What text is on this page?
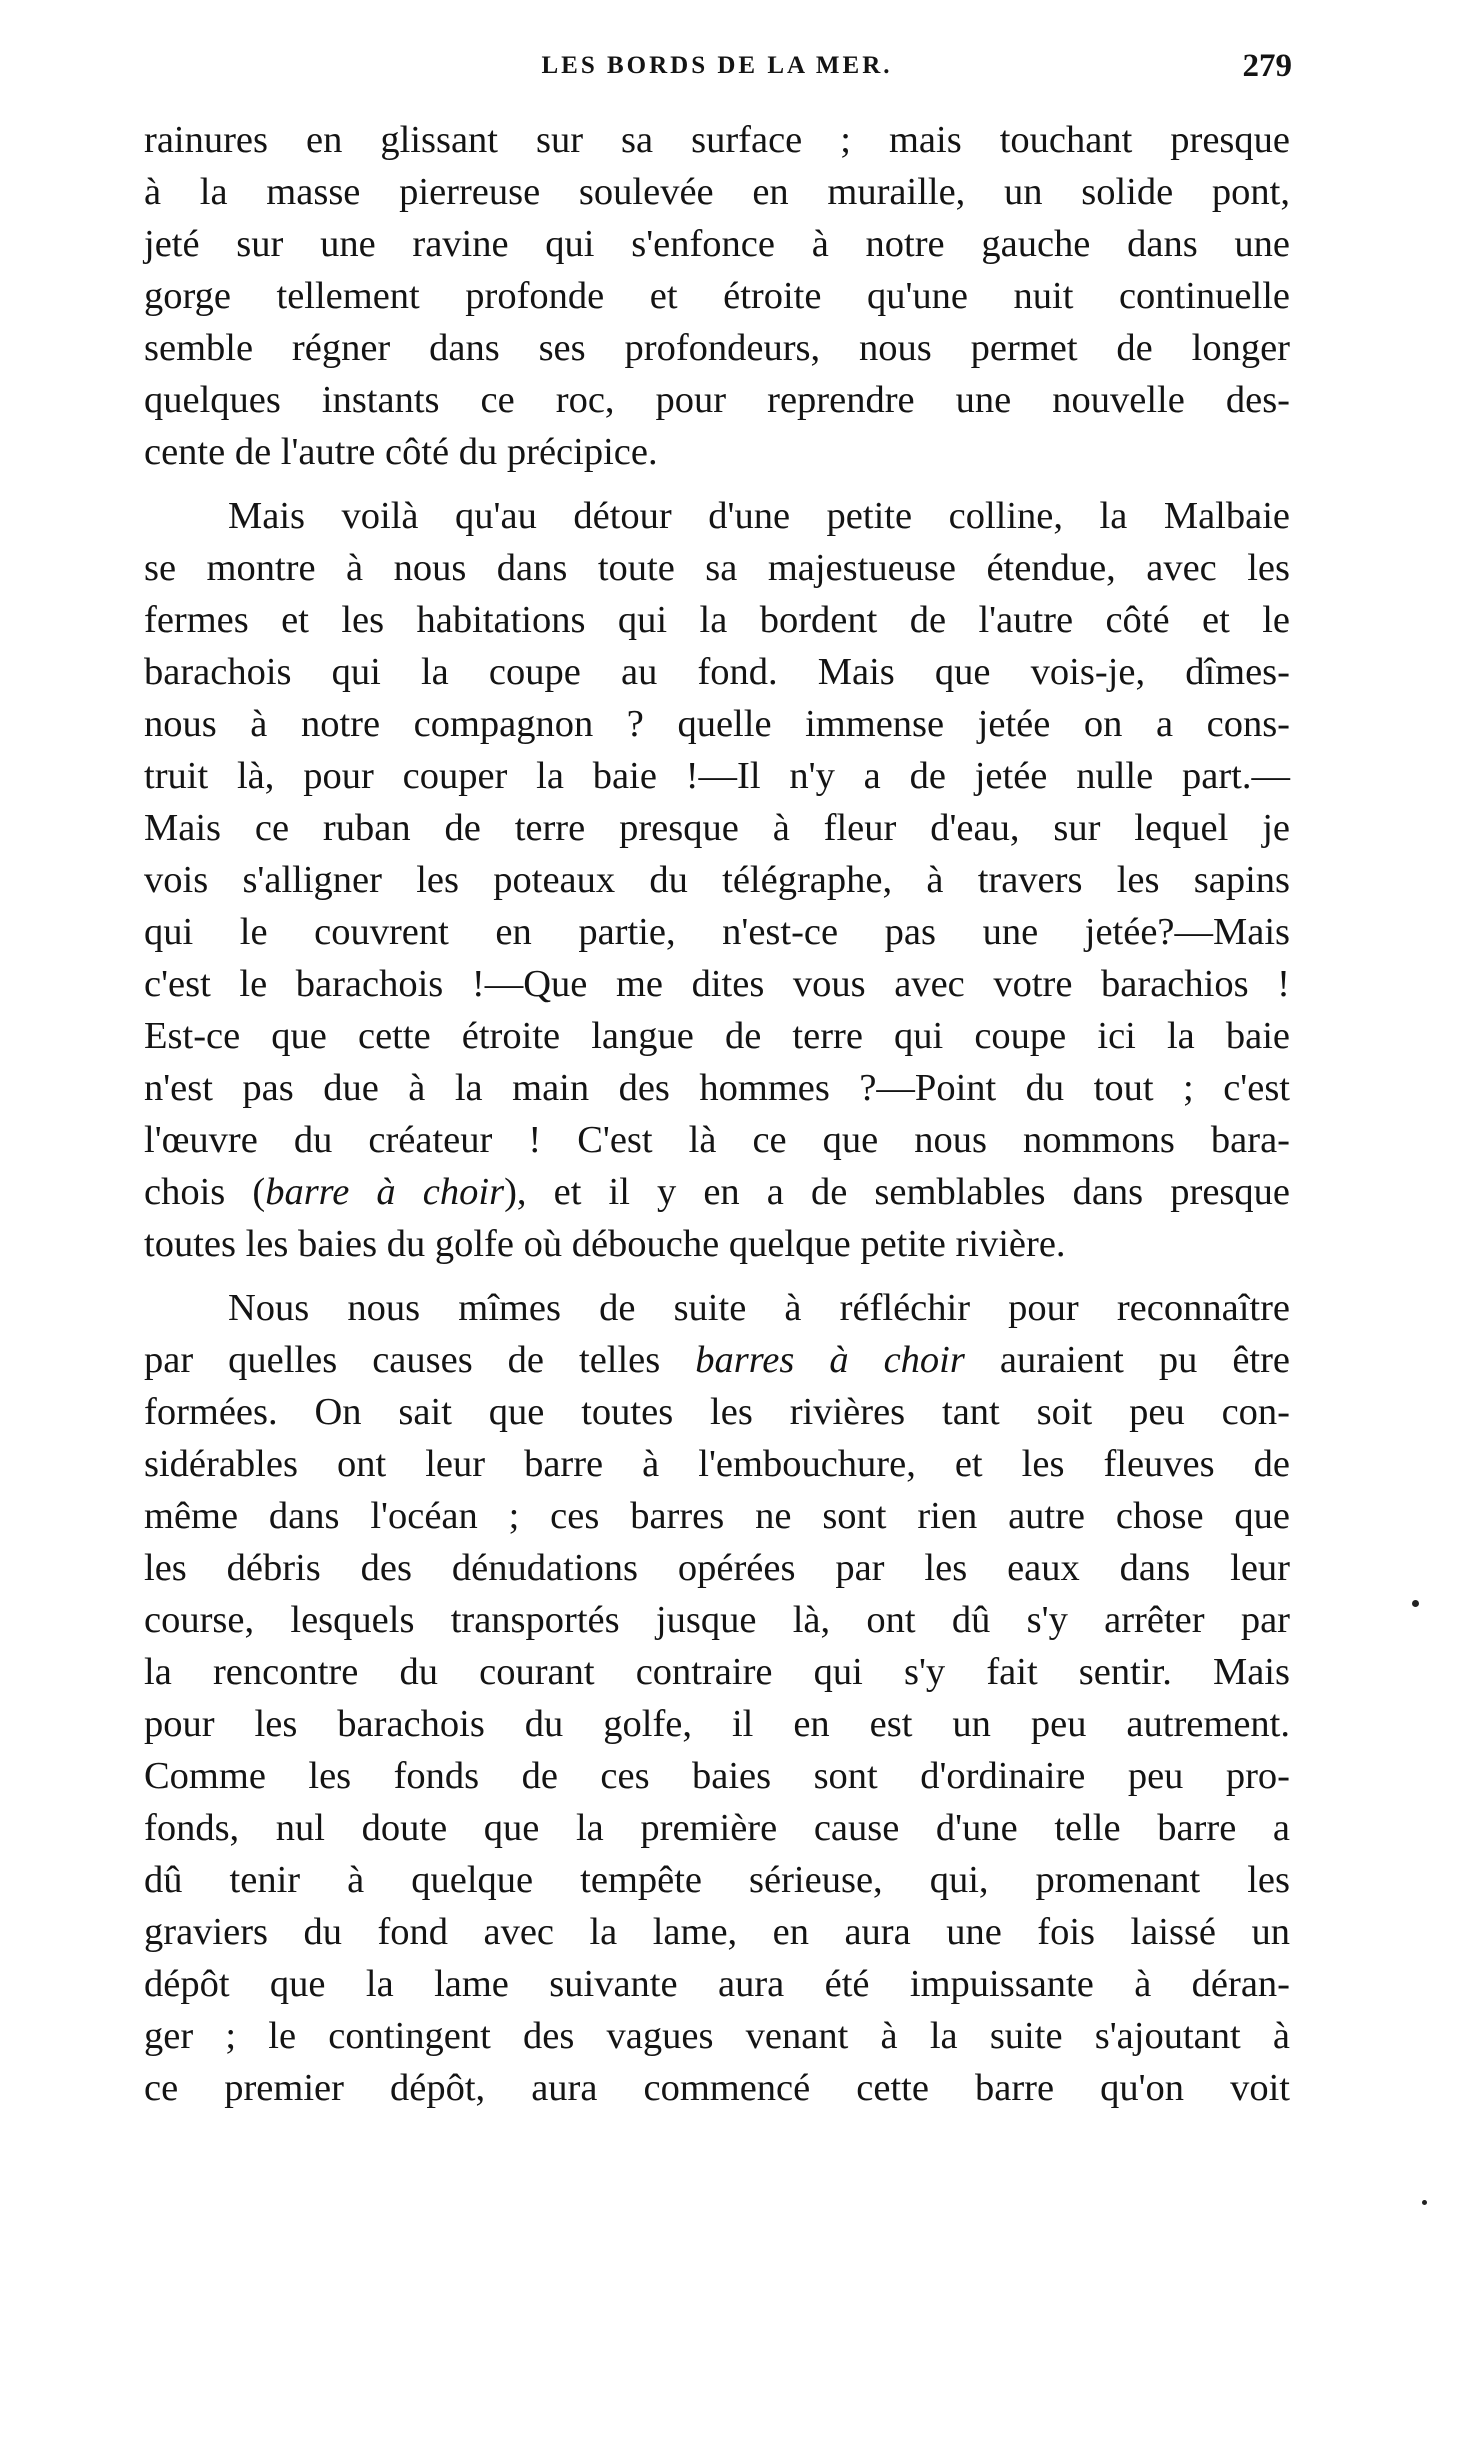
LES BORDS DE LA MER.	279
rainures en glissant sur sa surface ; mais touchant presque
à la masse pierreuse soulevée en muraille, un solide pont,
jeté sur une ravine qui s'enfonce à notre gauche dans une
gorge tellement profonde et étroite qu'une nuit continuelle
semble régner dans ses profondeurs, nous permet de longer
quelques instants ce roc, pour reprendre une nouvelle des-
cente de l'autre côté du précipice.
Mais voilà qu'au détour d'une petite colline, la Malbaie
se montre à nous dans toute sa majestueuse étendue, avec les
fermes et les habitations qui la bordent de l'autre côté et le
barachois qui la coupe au fond. Mais que vois-je, dîmes-
nous à notre compagnon ? quelle immense jetée on a cons-
truit là, pour couper la baie !—Il n'y a de jetée nulle part.—
Mais ce ruban de terre presque à fleur d'eau, sur lequel je
vois s'alligner les poteaux du télégraphe, à travers les sapins
qui le couvrent en partie, n'est-ce pas une jetée?—Mais
c'est le barachois !—Que me dites vous avec votre barachios !
Est-ce que cette étroite langue de terre qui coupe ici la baie
n'est pas due à la main des hommes ?—Point du tout ; c'est
l'œuvre du créateur ! C'est là ce que nous nommons bara-
chois (barre à choir), et il y en a de semblables dans presque
toutes les baies du golfe où débouche quelque petite rivière.
Nous nous mîmes de suite à réfléchir pour reconnaître
par quelles causes de telles barres à choir auraient pu être
formées. On sait que toutes les rivières tant soit peu con-
sidérables ont leur barre à l'embouchure, et les fleuves de
même dans l'océan ; ces barres ne sont rien autre chose que
les débris des dénudations opérées par les eaux dans leur
course, lesquels transportés jusque là, ont dû s'y arrêter par
la rencontre du courant contraire qui s'y fait sentir. Mais
pour les barachois du golfe, il en est un peu autrement.
Comme les fonds de ces baies sont d'ordinaire peu pro-
fonds, nul doute que la première cause d'une telle barre a
dû tenir à quelque tempête sérieuse, qui, promenant les
graviers du fond avec la lame, en aura une fois laissé un
dépôt que la lame suivante aura été impuissante à déran-
ger ; le contingent des vagues venant à la suite s'ajoutant à
ce premier dépôt, aura commencé cette barre qu'on voit
